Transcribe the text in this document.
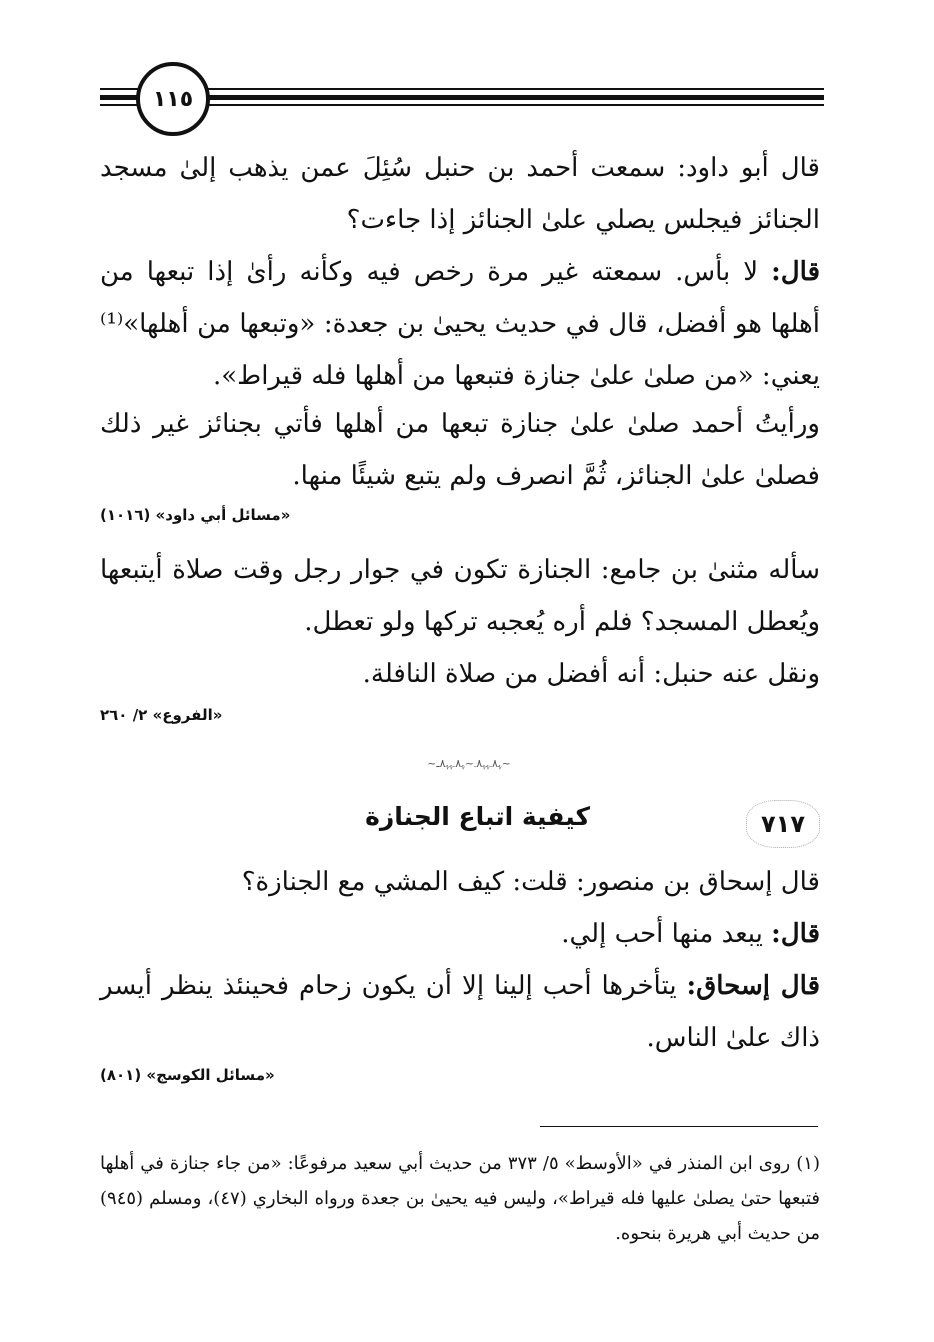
١١٥
قال أبو داود: سمعت أحمد بن حنبل سُئِلَ عمن يذهب إلىٰ مسجد الجنائز فيجلس يصلي علىٰ الجنائز إذا جاءت؟
قال: لا بأس. سمعته غير مرة رخص فيه وكأنه رأىٰ إذا تبعها من أهلها هو أفضل، قال في حديث يحيىٰ بن جعدة: «وتبعها من أهلها»⁽¹⁾ يعني: «من صلىٰ علىٰ جنازة فتبعها من أهلها فله قيراط».
ورأيتُ أحمد صلىٰ علىٰ جنازة تبعها من أهلها فأتي بجنائز غير ذلك فصلىٰ علىٰ الجنائز، ثُمَّ انصرف ولم يتبع شيئًا منها.
«مسائل أبي داود» (١٠١٦)
سأله مثنىٰ بن جامع: الجنازة تكون في جوار رجل وقت صلاة أيتبعها ويُعطل المسجد؟ فلم أره يُعجبه تركها ولو تعطل.
ونقل عنه حنبل: أنه أفضل من صلاة النافلة.
«الفروع» ٢/ ٢٦٠
~ﮩ٨ـﮩﮩ٨ـ~ﮩ٨ـﮩﮩ٨ـ~
٧١٧
كيفية اتباع الجنازة
قال إسحاق بن منصور: قلت: كيف المشي مع الجنازة؟
قال: يبعد منها أحب إلي.
قال إسحاق: يتأخرها أحب إلينا إلا أن يكون زحام فحينئذ ينظر أيسر ذاك علىٰ الناس.
«مسائل الكوسج» (٨٠١)
(١) روى ابن المنذر في «الأوسط» ٥/ ٣٧٣ من حديث أبي سعيد مرفوعًا: «من جاء جنازة في أهلها فتبعها حتىٰ يصلىٰ عليها فله قيراط»، وليس فيه يحيىٰ بن جعدة ورواه البخاري (٤٧)، ومسلم (٩٤٥) من حديث أبي هريرة بنحوه.
